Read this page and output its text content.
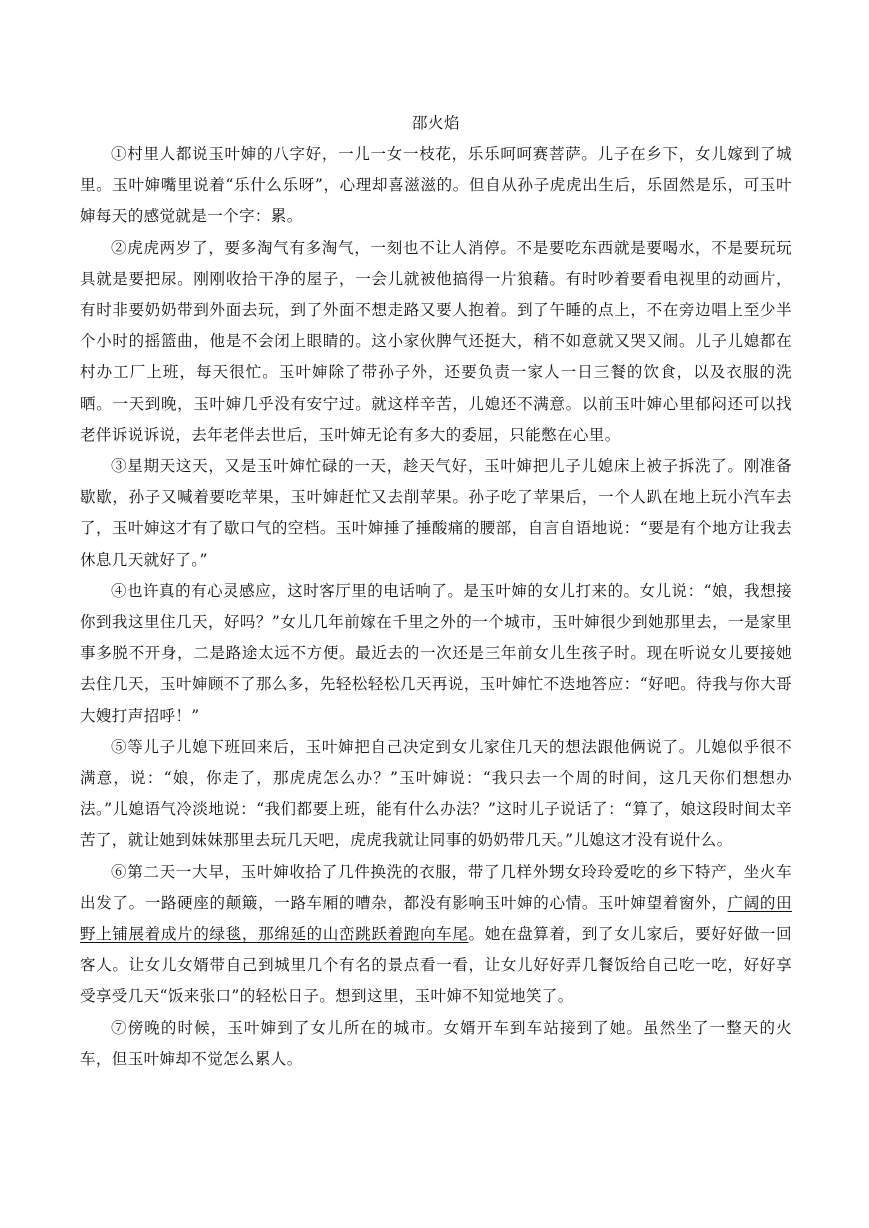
邵火焰

①村里人都说玉叶婶的八字好，一儿一女一枝花，乐乐呵呵赛菩萨。儿子在乡下，女儿嫁到了城里。玉叶婶嘴里说着“乐什么乐呀”，心理却喜滋滋的。但自从孙子虎虎出生后，乐固然是乐，可玉叶婶每天的感觉就是一个字：累。

②虎虎两岁了，要多淘气有多淘气，一刻也不让人消停。不是要吃东西就是要喝水，不是要玩玩具就是要把尿。刚刚收拾干净的屋子，一会儿就被他搞得一片狼藉。有时吵着要看电视里的动画片，有时非要奶奶带到外面去玩，到了外面不想走路又要人抱着。到了午睡的点上，不在旁边唱上至少半个小时的摇篮曲，他是不会闭上眼睛的。这小家伙脾气还挺大，稍不如意就又哭又闹。儿子儿媳都在村办工厂上班，每天很忙。玉叶婶除了带孙子外，还要负责一家人一日三餐的饮食，以及衣服的洗晒。一天到晚，玉叶婶几乎没有安宁过。就这样辛苦，儿媳还不满意。以前玉叶婶心里郁闷还可以找老伴诉说诉说，去年老伴去世后，玉叶婶无论有多大的委屈，只能憋在心里。

③星期天这天，又是玉叶婶忙碌的一天，趁天气好，玉叶婶把儿子儿媳床上被子拆洗了。刚准备歇歇，孙子又喊着要吃苹果，玉叶婶赶忙又去削苹果。孙子吃了苹果后，一个人趴在地上玩小汽车去了，玉叶婶这才有了歇口气的空档。玉叶婶捶了捶酸痛的腰部，自言自语地说：“要是有个地方让我去休息几天就好了。”

④也许真的有心灵感应，这时客厅里的电话响了。是玉叶婶的女儿打来的。女儿说：“娘，我想接你到我这里住几天，好吗？”女儿几年前嫁在千里之外的一个城市，玉叶婶很少到她那里去，一是家里事多脱不开身，二是路途太远不方便。最近去的一次还是三年前女儿生孩子时。现在听说女儿要接她去住几天，玉叶婶顾不了那么多，先轻松轻松几天再说，玉叶婶忙不迭地答应：“好吧。待我与你大哥大嫂打声招呼！”

⑤等儿子儿媳下班回来后，玉叶婶把自己决定到女儿家住几天的想法跟他俩说了。儿媳似乎很不满意，说：“娘，你走了，那虎虎怎么办？”玉叶婶说：“我只去一个周的时间，这几天你们想想办法。”儿媳语气冷淡地说：“我们都要上班，能有什么办法？”这时儿子说话了：“算了，娘这段时间太辛苦了，就让她到妹妹那里去玩几天吧，虎虎我就让同事的奶奶带几天。”儿媳这才没有说什么。

⑥第二天一大早，玉叶婶收拾了几件换洗的衣服，带了几样外甥女玲玲爱吃的乡下特产，坐火车出发了。一路硬座的颠簸，一路车厢的嘈杂，都没有影响玉叶婶的心情。玉叶婶望着窗外，广阔的田野上铺展着成片的绿毯，那绵延的山峦跳跃着跑向车尾。她在盘算着，到了女儿家后，要好好做一回客人。让女儿女婿带自己到城里几个有名的景点看一看，让女儿好好弄几餐饭给自己吃一吃，好好享受享受几天“饭来张口”的轻松日子。想到这里，玉叶婶不知觉地笑了。

⑦傍晚的时候，玉叶婶到了女儿所在的城市。女婿开车到车站接到了她。虽然坐了一整天的火车，但玉叶婶却不觉怎么累人。
